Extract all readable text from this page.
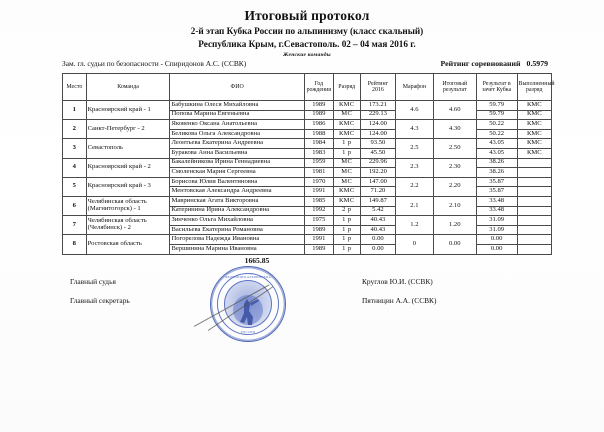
Итоговый протокол
2-й этап Кубка России по альпинизму (класс скальный)
Республика Крым, г.Севастополь. 02 – 04 мая 2016 г.
Женские команды
Зам. гл. судьи по безопасности - Спиридонов А.С. (ССВК)	Рейтинг соревнований 0.5979
Место	Команда	ФИО	Год рождения	Разряд	Рейтинг 2016	Марафон	Итоговый результат	Результат в зачет Кубка	Выполненный разряд
1	Красноярский край - 1	Бабушкина Олеся Михайловна	1989	КМС	173.21	4.6	4.60	59.79	КМС
		Попова Марина Евгеньевна	1989	МС	229.13			59.79	КМС
2	Санкт-Петербург - 2	Яковенко Оксана Анатольевна	1986	КМС	124.00	4.3	4.30	50.22	КМС
		Беликова Ольга Александровна	1988	КМС	124.00			50.22	КМС
3	Севастополь	Леонтьева Екатерина Андреевна	1984	1 р	93.50	2.5	2.50	43.05	КМС
		Буракова Анна Васильевна	1983	1 р	45.50			43.05	КМС
4	Красноярский край - 2	Бакалейникова Ирина Геннадиевна	1959	МС	229.96	2.3	2.30	38.26	
		Смоленская Мария Сергеевна	1981	МС	192.20			38.26	
5	Красноярский край - 3	Борисова Юлия Валентиновна	1970	МС	147.00	2.2	2.20	35.87	
		Ментовская Александра Андреевна	1991	КМС	71.20			35.87	
6	Челябинская область (Магнитогорск) - 1	Мавринская Агата Викторовна	1985	КМС	149.87	2.1	2.10	33.48	
		Катеринина Ирина Александровна	1992	2 р	5.42			33.48	
7	Челябинская область (Челябинск) - 2	Зинченко Ольга Михайловна	1975	1 р	40.43	1.2	1.20	31.09	
		Васильева Екатерина Романовна	1989	1 р	40.43			31.09	
8	Ростовская область	Погорелова Надежда Ивановна	1991	1 р	0.00	0	0.00	0.00	
		Вершинина Марина Ивановна	1989	1 р	0.00			0.00	
1665.85
Главный судья
Главный секретарь
ФЕДЕРАЦИЯ АЛЬПИНИЗМА
РОССИИ
Круглов Ю.И. (ССВК)
Пятницин А.А. (ССВК)
